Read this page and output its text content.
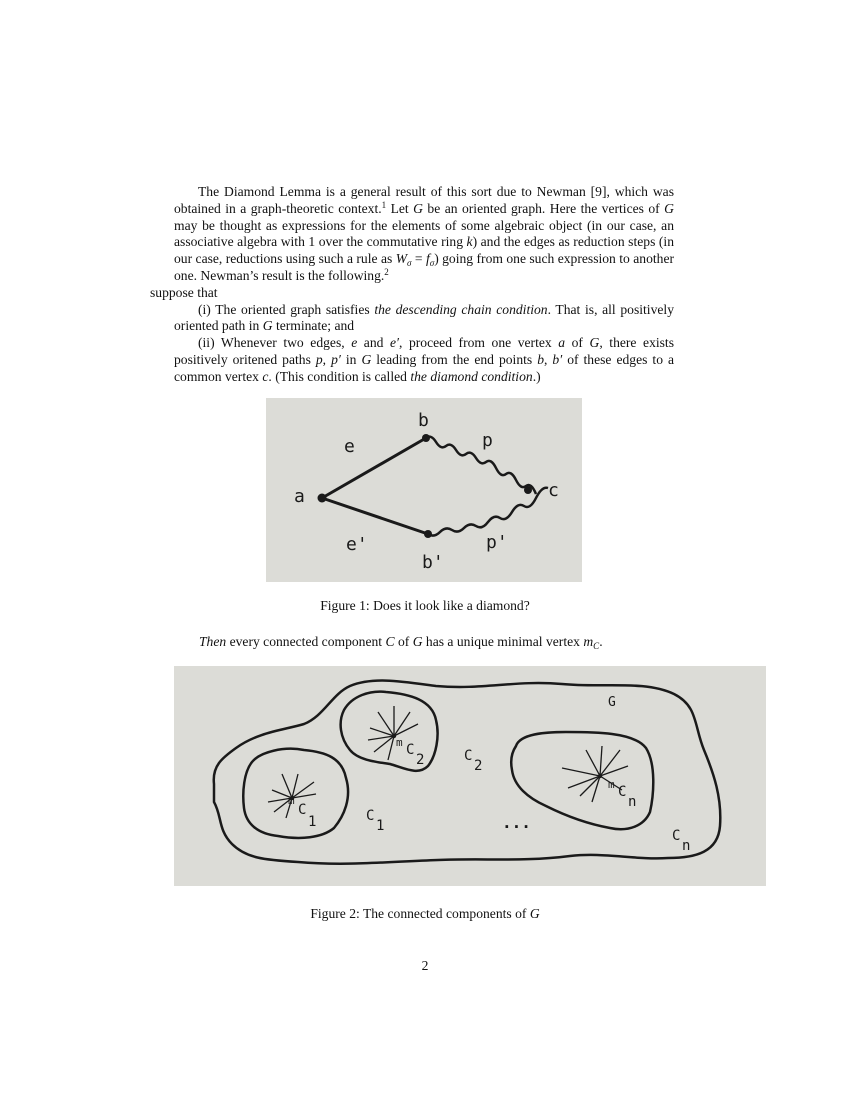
The Diamond Lemma is a general result of this sort due to Newman [9], which was obtained in a graph-theoretic context.$^1$ Let G be an oriented graph. Here the vertices of G may be thought as expressions for the elements of some algebraic object (in our case, an associative algebra with 1 over the commutative ring k) and the edges as reduction steps (in our case, reductions using such a rule as $W_\sigma = f_\sigma$) going from one such expression to another one. Newman’s result is the following.$^2$
suppose that

(i) The oriented graph satisfies the descending chain condition. That is, all positively oriented path in G terminate; and

(ii) Whenever two edges, e and e′, proceed from one vertex a of G, there exists positively oritened paths p, p′ in G leading from the end points b, b′ of these edges to a common vertex c. (This condition is called the diamond condition.)

a
b
c
b'
e
e'
p
p'
Figure 1: Does it look like a diamond?
Then every connected component C of G has a unique minimal vertex $m_C$.
G
m
C
1
m C
2
m C
n
C
1
C
2
C
n
...
Figure 2: The connected components of G
2
